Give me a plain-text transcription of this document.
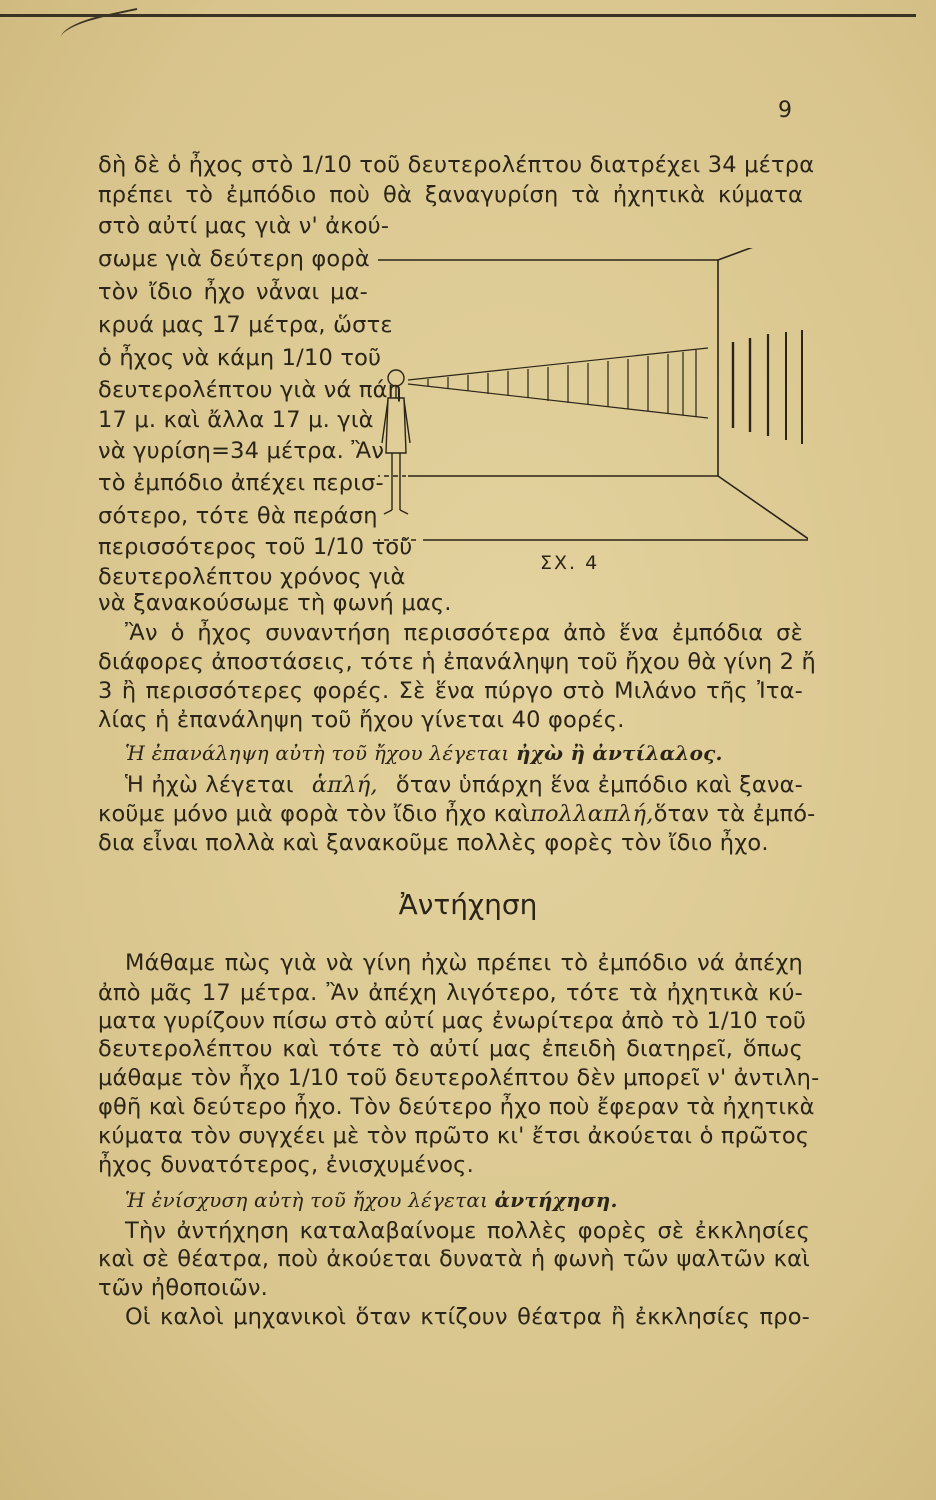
9
δὴ δὲ ὁ ἦχος στὸ 1/10 τοῦ δευτερολέπτου διατρέχει 34 μέτρα
πρέπει τὸ ἐμπόδιο ποὺ θὰ ξαναγυρίση τὰ ἠχητικὰ κύματα
στὸ αὐτί μας γιὰ ν' ἀκού-
σωμε γιὰ δεύτερη φορὰ
τὸν ἴδιο ἦχο νἆναι μα-
κρυά μας 17 μέτρα, ὥστε
ὁ ἦχος νὰ κάμη 1/10 τοῦ
δευτερολέπτου γιὰ νά πάη
17 μ. καὶ ἄλλα 17 μ. γιὰ
νὰ γυρίση=34 μέτρα. Ἂν
τὸ ἐμπόδιο ἀπέχει περισ-
σότερο, τότε θὰ περάση
περισσότερος τοῦ 1/10 τοῦ
δευτερολέπτου χρόνος γιὰ
νὰ ξανακούσωμε τὴ φωνή μας.
ΣΧ. 4
Ἂν ὁ ἦχος συναντήση περισσότερα ἀπὸ ἕνα ἐμπόδια σὲ
διάφορες ἀποστάσεις, τότε ἡ ἐπανάληψη τοῦ ἤχου θὰ γίνη 2 ἤ
3 ἢ περισσότερες φορές. Σὲ ἕνα πύργο στὸ Μιλάνο τῆς Ἰτα-
λίας ἡ ἐπανάληψη τοῦ ἤχου γίνεται 40 φορές.
Ἡ ἐπανάληψη αὐτὴ τοῦ ἤχου λέγεται ἠχὼ ἢ ἀντίλαλος.
Ἡ ἠχὼ λέγεται ἁπλή, ὅταν ὑπάρχη ἕνα ἐμπόδιο καὶ ξανα-
κοῦμε μόνο μιὰ φορὰ τὸν ἴδιο ἦχο καὶ πολλαπλή, ὅταν τὰ ἐμπό-
δια εἶναι πολλὰ καὶ ξανακοῦμε πολλὲς φορὲς τὸν ἴδιο ἦχο.
Ἀντήχηση
Μάθαμε πὼς γιὰ νὰ γίνη ἠχὼ πρέπει τὸ ἐμπόδιο νά ἀπέχη
ἀπὸ μᾶς 17 μέτρα. Ἂν ἀπέχη λιγότερο, τότε τὰ ἠχητικὰ κύ-
ματα γυρίζουν πίσω στὸ αὐτί μας ἐνωρίτερα ἀπὸ τὸ 1/10 τοῦ
δευτερολέπτου καὶ τότε τὸ αὐτί μας ἐπειδὴ διατηρεῖ, ὅπως
μάθαμε τὸν ἦχο 1/10 τοῦ δευτερολέπτου δὲν μπορεῖ ν' ἀντιλη-
φθῆ καὶ δεύτερο ἦχο. Τὸν δεύτερο ἦχο ποὺ ἔφεραν τὰ ἠχητικὰ
κύματα τὸν συγχέει μὲ τὸν πρῶτο κι' ἔτσι ἀκούεται ὁ πρῶτος
ἦχος δυνατότερος, ἐνισχυμένος.
Ἡ ἐνίσχυση αὐτὴ τοῦ ἤχου λέγεται ἀντήχηση.
Τὴν ἀντήχηση καταλαβαίνομε πολλὲς φορὲς σὲ ἐκκλησίες
καὶ σὲ θέατρα, ποὺ ἀκούεται δυνατὰ ἡ φωνὴ τῶν ψαλτῶν καὶ
τῶν ἠθοποιῶν.
Οἱ καλοὶ μηχανικοὶ ὅταν κτίζουν θέατρα ἢ ἐκκλησίες προ-
